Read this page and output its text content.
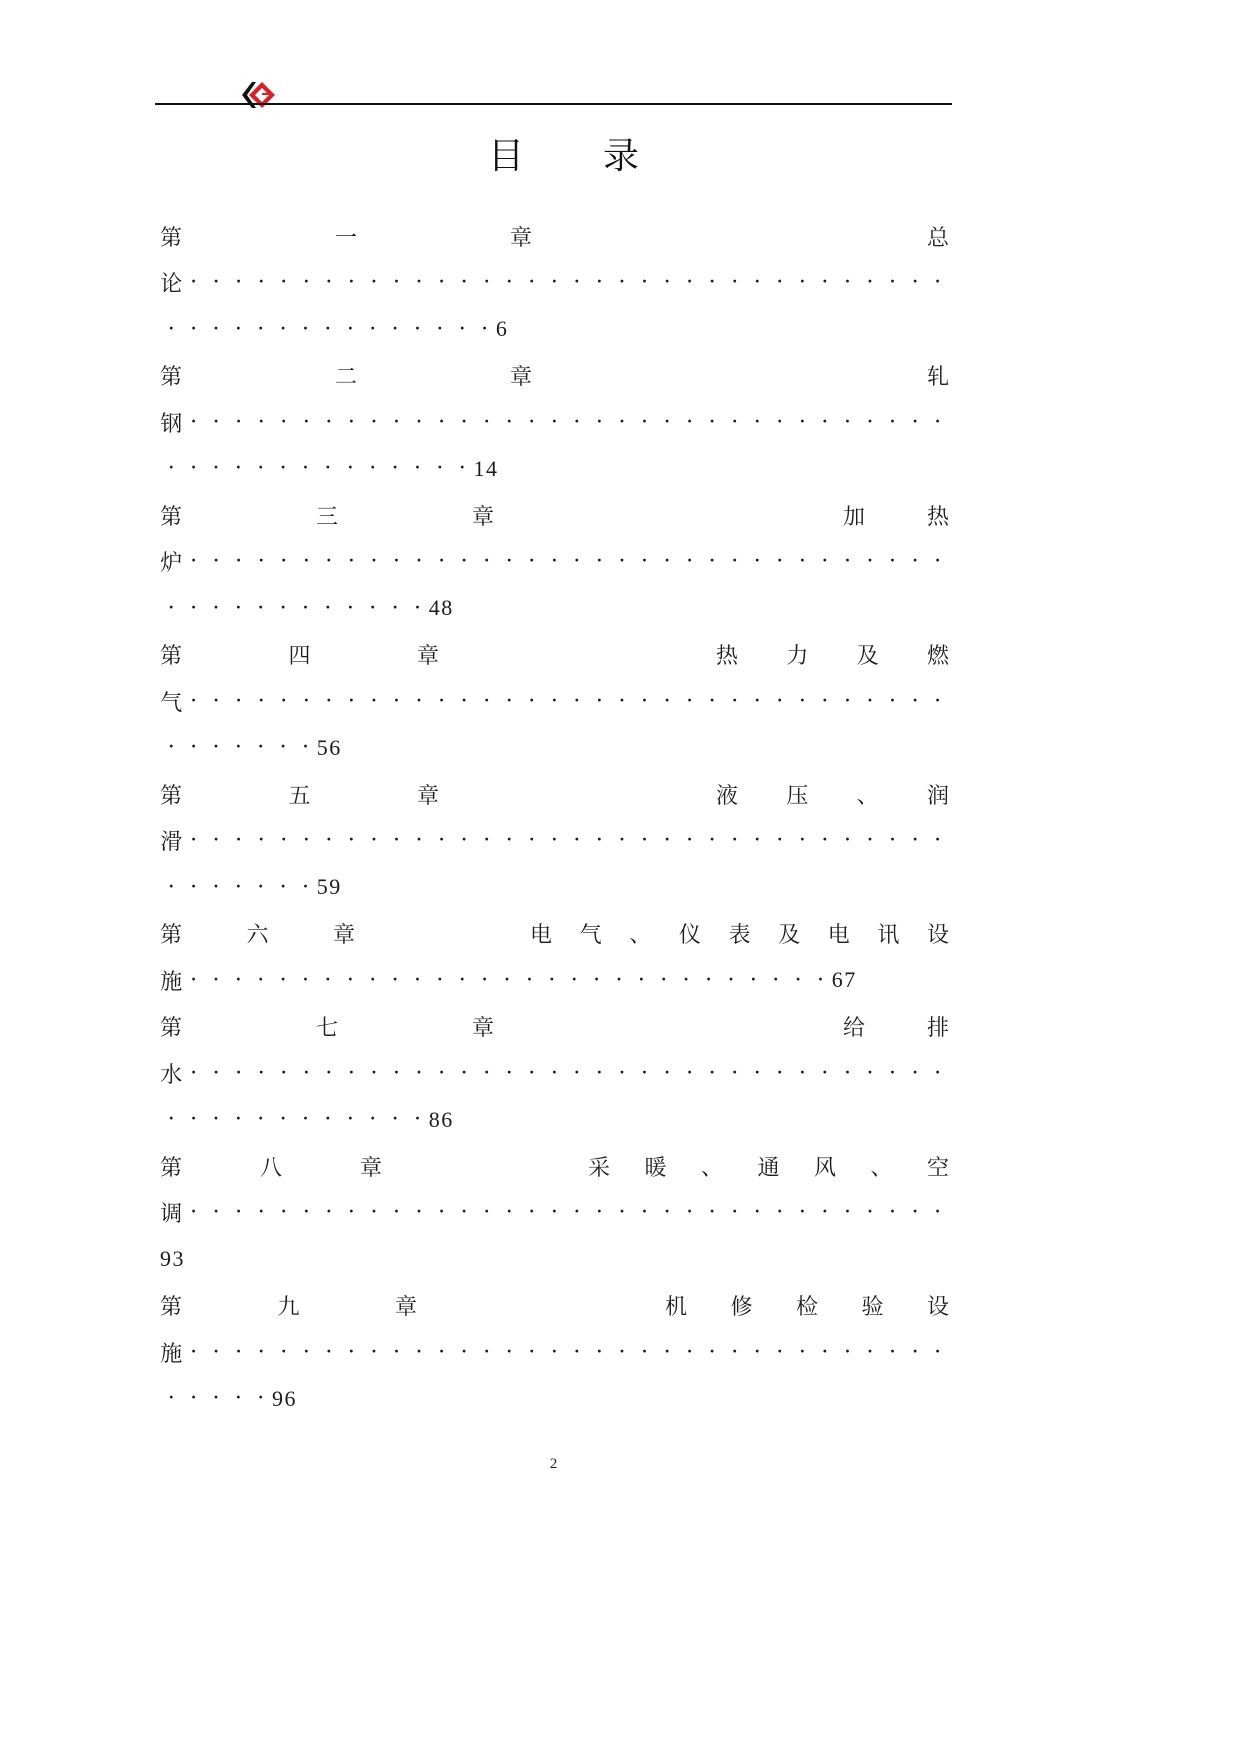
目 录
第	一	章	总
论 · · · · · · · · · · · · · · · · · · · · · · · · · · · · · · · · · ·
· · · · · · · · · · · · · · · 6
第	二	章	轧
钢 · · · · · · · · · · · · · · · · · · · · · · · · · · · · · · · · · ·
· · · · · · · · · · · · · · 14
第	三	章	加	热
炉 · · · · · · · · · · · · · · · · · · · · · · · · · · · · · · · · · ·
· · · · · · · · · · · · 48
第	四	章	热 力 及 燃
气 · · · · · · · · · · · · · · · · · · · · · · · · · · · · · · · · · ·
· · · · · · · 56
第	五	章	液 压 、 润
滑 · · · · · · · · · · · · · · · · · · · · · · · · · · · · · · · · · ·
· · · · · · · 59
第	六	章	电 气 、 仪 表 及 电 讯 设
施 · · · · · · · · · · · · · · · · · · · · · · · · · · · · · 67
第	七	章	给	排
水 · · · · · · · · · · · · · · · · · · · · · · · · · · · · · · · · · ·
· · · · · · · · · · · · 86
第	八	章	采 暖 、 通 风 、 空
调 · · · · · · · · · · · · · · · · · · · · · · · · · · · · · · · · · ·
93
第	九	章	机 修 检 验 设
施 · · · · · · · · · · · · · · · · · · · · · · · · · · · · · · · · · ·
· · · · · 96
2
